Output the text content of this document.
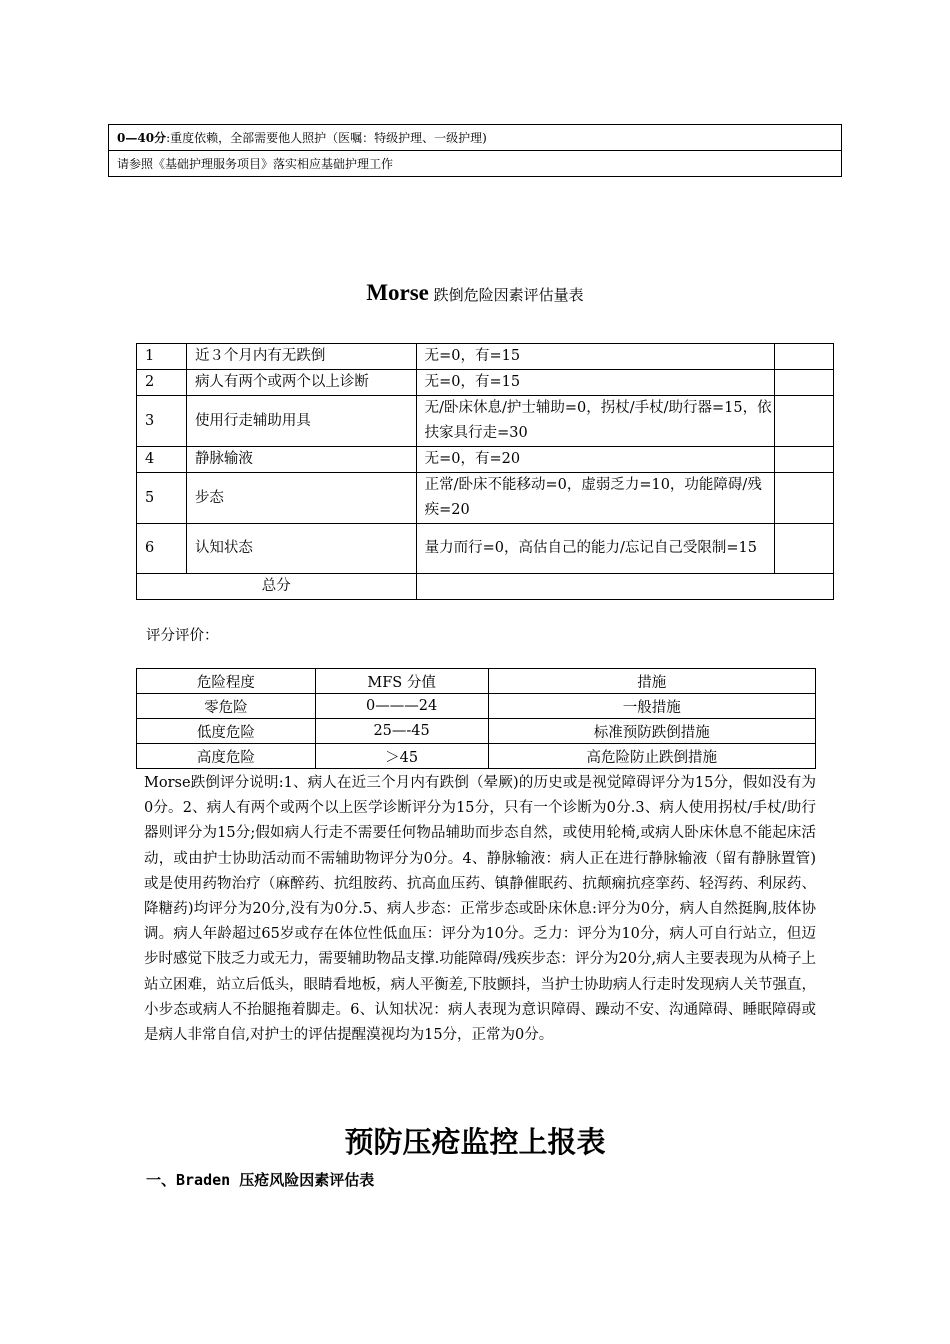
0—40分:重度依赖，全部需要他人照护（医嘱：特级护理、一级护理)
请参照《基础护理服务项目》落实相应基础护理工作
Morse 跌倒危险因素评估量表
1	近３个月内有无跌倒	无=0，有=15	
2	病人有两个或两个以上诊断	无=0，有=15	
3	使用行走辅助用具	无/卧床休息/护士辅助=0，拐杖/手杖/助行器=15，依扶家具行走=30	
4	静脉输液	无=0，有=20	
5	步态	正常/卧床不能移动=0，虚弱乏力=10，功能障碍/残疾=20	
6	认知状态	量力而行=0，高估自己的能力/忘记自己受限制=15	
总分			
评分评价：
危险程度	MFS 分值	措施
零危险	0———24	一般措施
低度危险	25—-45	标准预防跌倒措施
高度危险	＞45	高危险防止跌倒措施
Morse跌倒评分说明:1、病人在近三个月内有跌倒（晕厥)的历史或是视觉障碍评分为15分，假如没有为0分。2、病人有两个或两个以上医学诊断评分为15分，只有一个诊断为0分.3、病人使用拐杖/手杖/助行器则评分为15分;假如病人行走不需要任何物品辅助而步态自然，或使用轮椅,或病人卧床休息不能起床活动，或由护士协助活动而不需辅助物评分为0分。4、静脉输液：病人正在进行静脉输液（留有静脉置管)或是使用药物治疗（麻醉药、抗组胺药、抗高血压药、镇静催眠药、抗颠痫抗痉挛药、轻泻药、利尿药、降糖药)均评分为20分,没有为0分.5、病人步态：正常步态或卧床休息:评分为0分，病人自然挺胸,肢体协调。病人年龄超过65岁或存在体位性低血压：评分为10分。乏力：评分为10分，病人可自行站立，但迈步时感觉下肢乏力或无力，需要辅助物品支撑.功能障碍/残疾步态：评分为20分,病人主要表现为从椅子上站立困难，站立后低头，眼睛看地板，病人平衡差,下肢颤抖，当护士协助病人行走时发现病人关节强直，小步态或病人不抬腿拖着脚走。6、认知状况：病人表现为意识障碍、躁动不安、沟通障碍、睡眠障碍或是病人非常自信,对护士的评估提醒漠视均为15分，正常为0分。
预防压疮监控上报表
一、Braden 压疮风险因素评估表
